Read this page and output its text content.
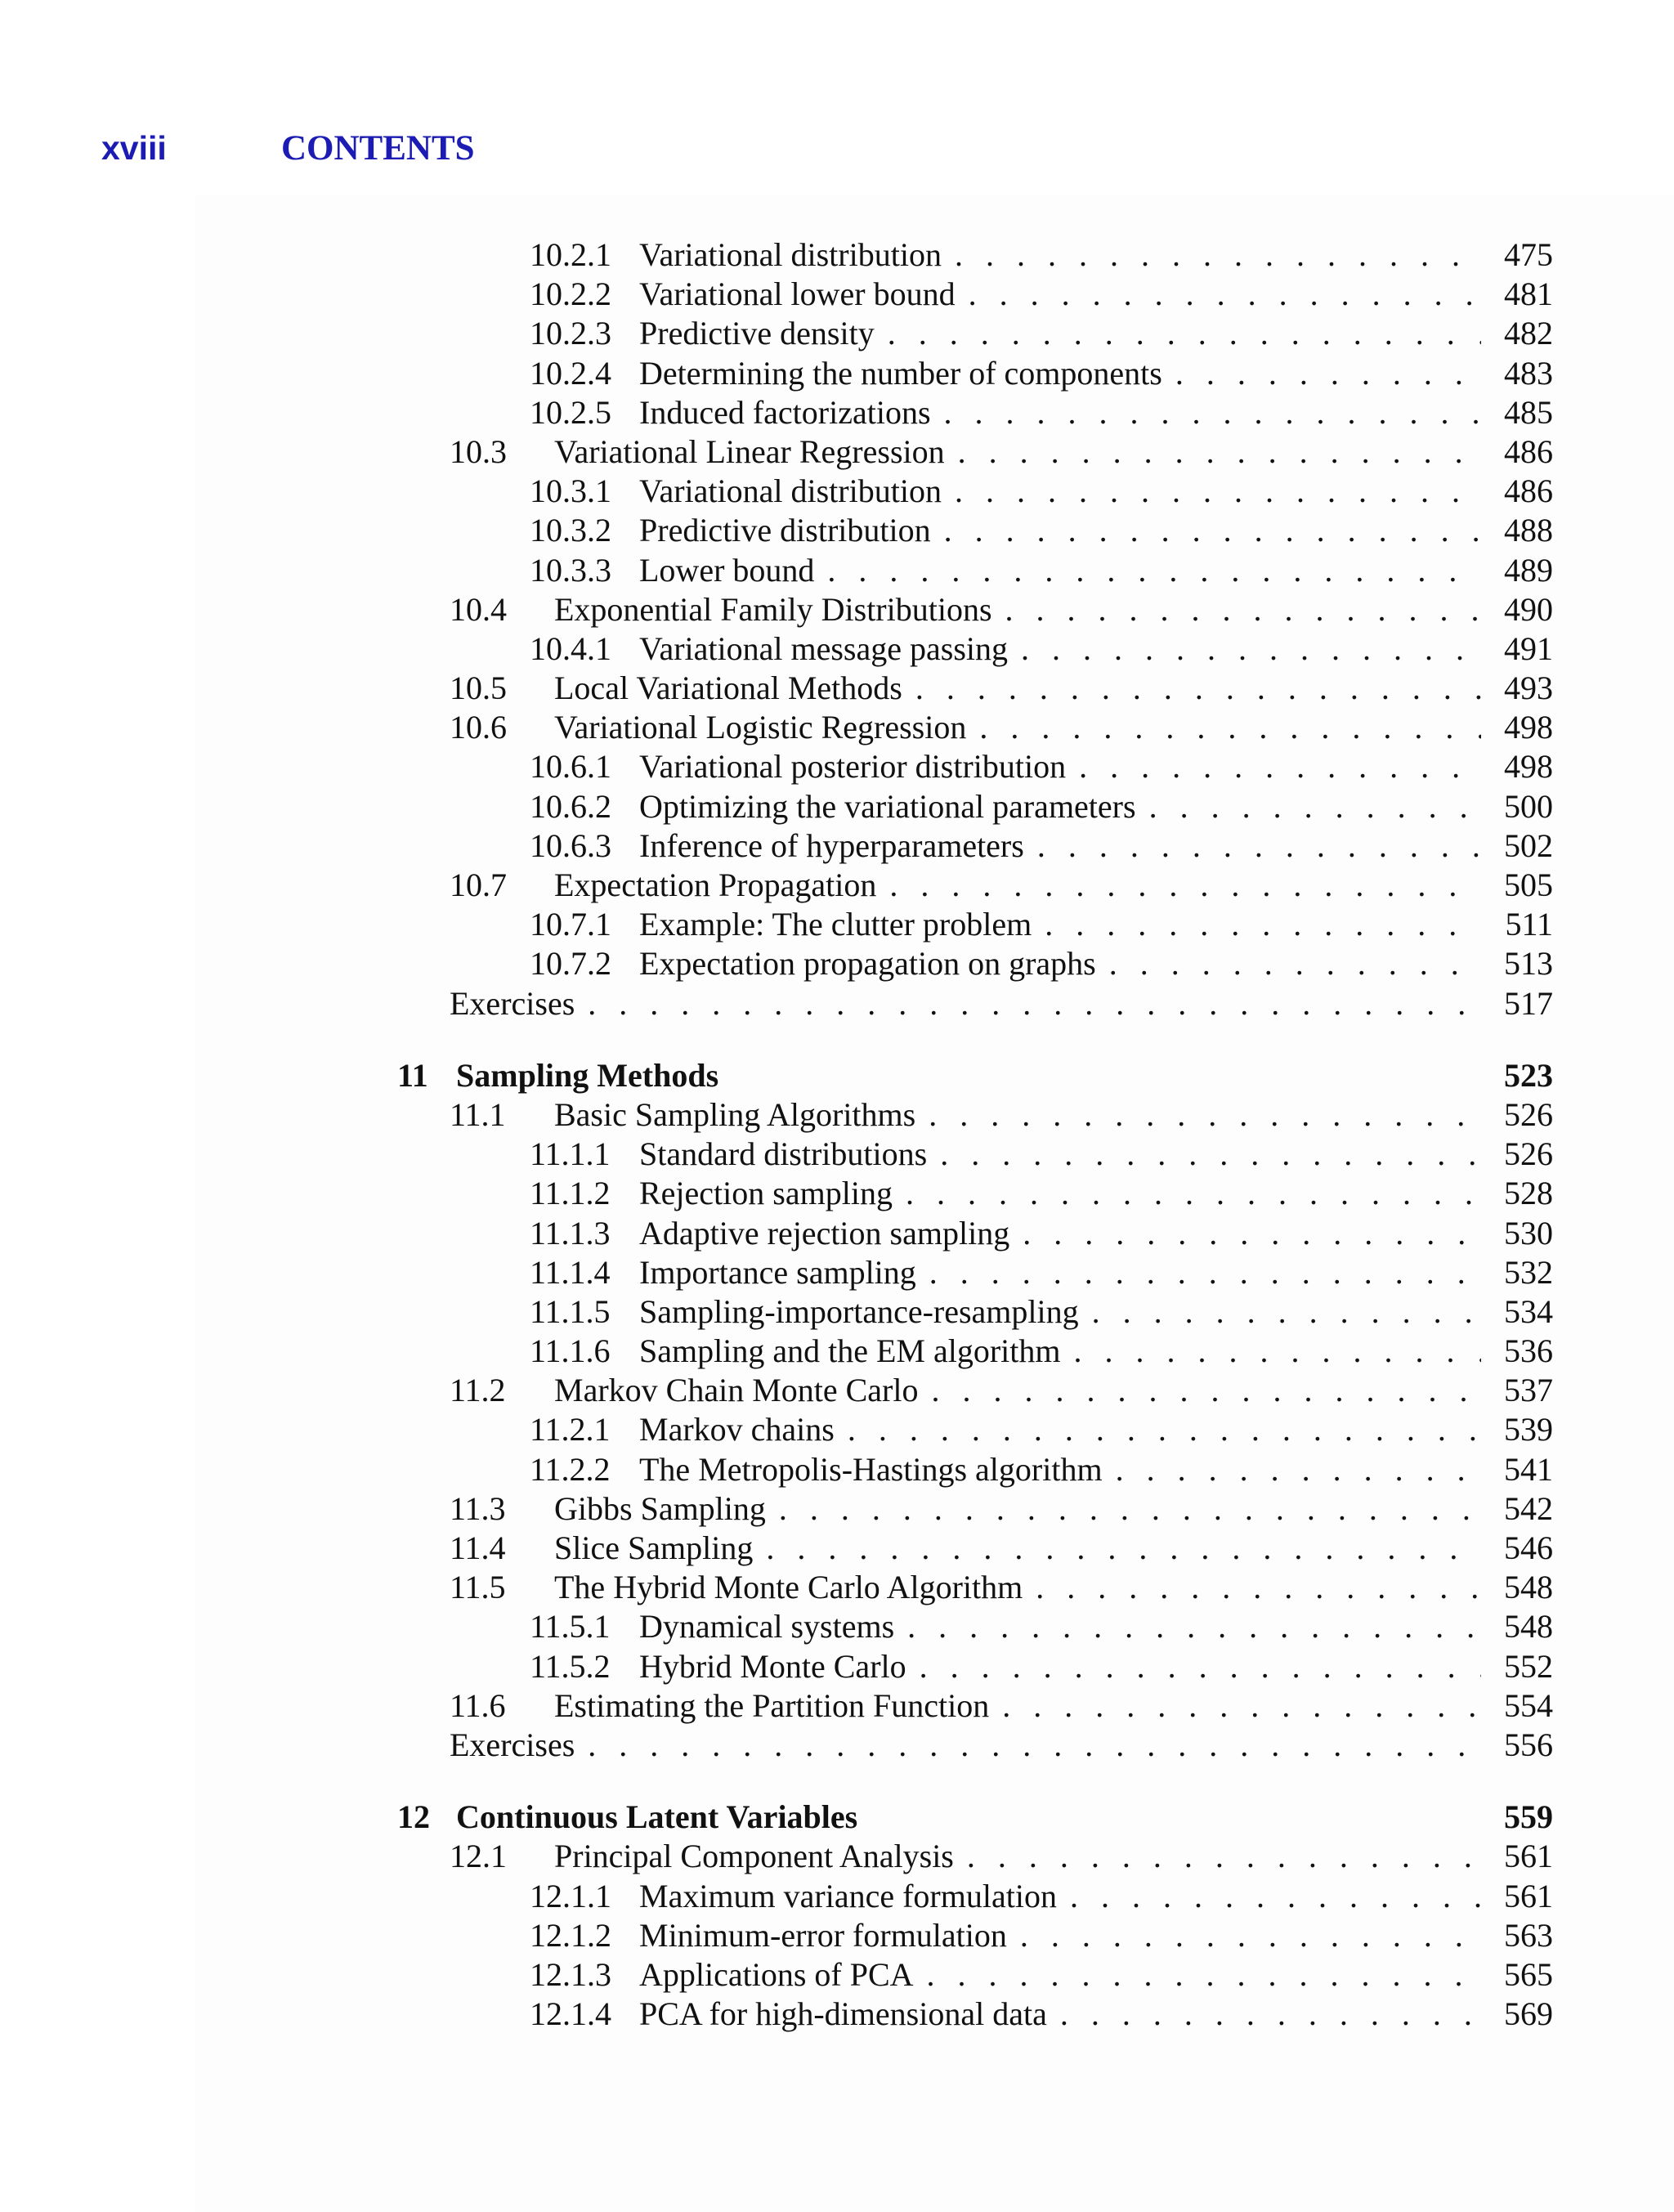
xviii	CONTENTS
10.2.1 Variational distribution . . .	475
10.2.2 Variational lower bound . . .	481
10.2.3 Predictive density . . .	482
10.2.4 Determining the number of components . . .	483
10.2.5 Induced factorizations . . .	485
10.3 Variational Linear Regression . . .	486
10.3.1 Variational distribution . . .	486
10.3.2 Predictive distribution . . .	488
10.3.3 Lower bound . . .	489
10.4 Exponential Family Distributions . . .	490
10.4.1 Variational message passing . . .	491
10.5 Local Variational Methods . . .	493
10.6 Variational Logistic Regression . . .	498
10.6.1 Variational posterior distribution . . .	498
10.6.2 Optimizing the variational parameters . . .	500
10.6.3 Inference of hyperparameters . . .	502
10.7 Expectation Propagation . . .	505
10.7.1 Example: The clutter problem . . .	511
10.7.2 Expectation propagation on graphs . . .	513
Exercises . . .	517
11 Sampling Methods	523
11.1 Basic Sampling Algorithms . . .	526
11.1.1 Standard distributions . . .	526
11.1.2 Rejection sampling . . .	528
11.1.3 Adaptive rejection sampling . . .	530
11.1.4 Importance sampling . . .	532
11.1.5 Sampling-importance-resampling . . .	534
11.1.6 Sampling and the EM algorithm . . .	536
11.2 Markov Chain Monte Carlo . . .	537
11.2.1 Markov chains . . .	539
11.2.2 The Metropolis-Hastings algorithm . . .	541
11.3 Gibbs Sampling . . .	542
11.4 Slice Sampling . . .	546
11.5 The Hybrid Monte Carlo Algorithm . . .	548
11.5.1 Dynamical systems . . .	548
11.5.2 Hybrid Monte Carlo . . .	552
11.6 Estimating the Partition Function . . .	554
Exercises . . .	556
12 Continuous Latent Variables	559
12.1 Principal Component Analysis . . .	561
12.1.1 Maximum variance formulation . . .	561
12.1.2 Minimum-error formulation . . .	563
12.1.3 Applications of PCA . . .	565
12.1.4 PCA for high-dimensional data . . .	569
